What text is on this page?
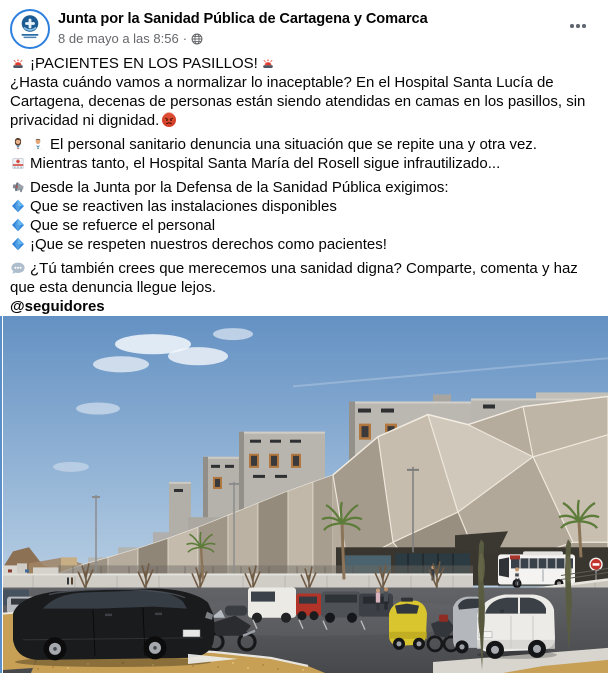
Junta por la Sanidad Pública de Cartagena y Comarca
8 de mayo a las 8:56 ·
¡PACIENTES EN LOS PASILLOS!
¿Hasta cuándo vamos a normalizar lo inaceptable? En el Hospital Santa Lucía de Cartagena, decenas de personas están siendo atendidas en camas en los pasillos, sin privacidad ni dignidad.
El personal sanitario denuncia una situación que se repite una y otra vez.
Mientras tanto, el Hospital Santa María del Rosell sigue infrautilizado...
Desde la Junta por la Defensa de la Sanidad Pública exigimos:
Que se reactiven las instalaciones disponibles
Que se refuerce el personal
¡Que se respeten nuestros derechos como pacientes!
¿Tú también crees que merecemos una sanidad digna? Comparte, comenta y haz que esta denuncia llegue lejos.
@seguidores
